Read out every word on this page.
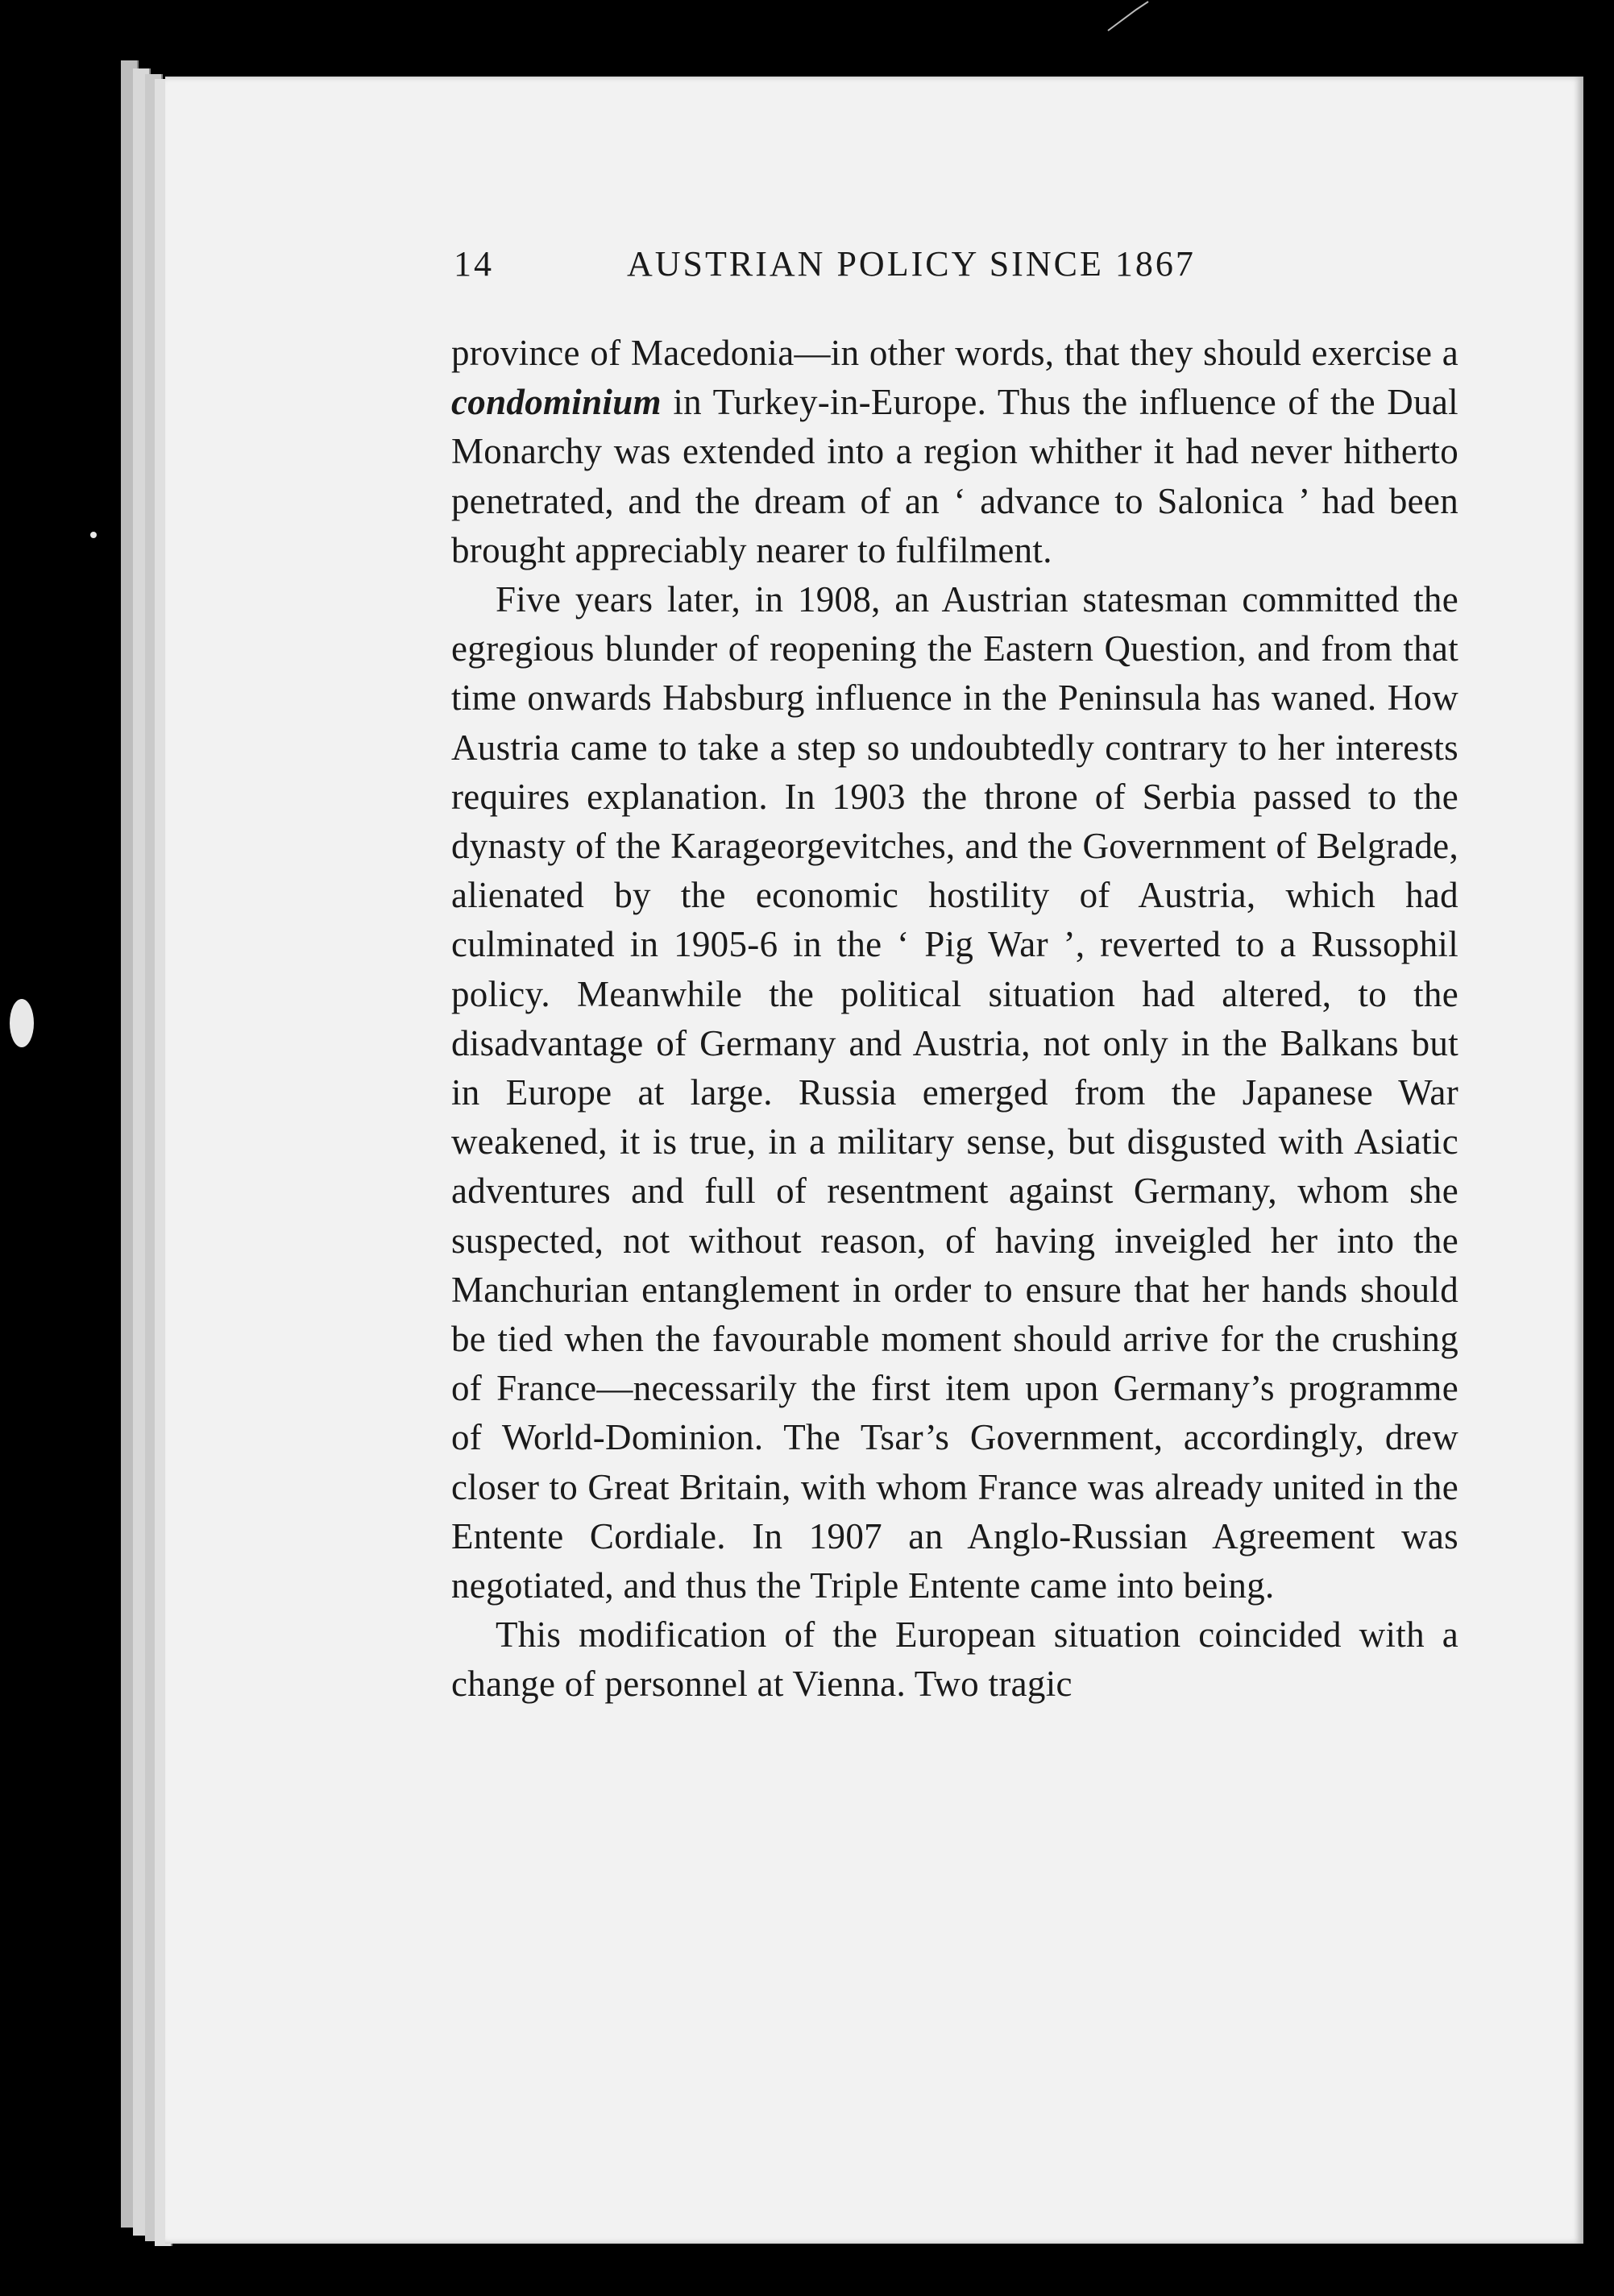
14	AUSTRIAN POLICY SINCE 1867

province of Macedonia—in other words, that they should exercise a condominium in Turkey-in-Europe. Thus the influence of the Dual Monarchy was extended into a region whither it had never hitherto penetrated, and the dream of an ‘ advance to Salonica ’ had been brought appreciably nearer to fulfilment.

Five years later, in 1908, an Austrian statesman committed the egregious blunder of reopening the Eastern Question, and from that time onwards Habsburg influence in the Peninsula has waned. How Austria came to take a step so undoubtedly contrary to her interests requires explanation. In 1903 the throne of Serbia passed to the dynasty of the Karageorgevitches, and the Government of Belgrade, alienated by the economic hostility of Austria, which had culminated in 1905-6 in the ‘ Pig War ’, reverted to a Russophil policy. Meanwhile the political situation had altered, to the disadvantage of Germany and Austria, not only in the Balkans but in Europe at large. Russia emerged from the Japanese War weakened, it is true, in a military sense, but disgusted with Asiatic adventures and full of resentment against Germany, whom she suspected, not without reason, of having inveigled her into the Manchurian entanglement in order to ensure that her hands should be tied when the favourable moment should arrive for the crushing of France—necessarily the first item upon Germany’s programme of World-Dominion. The Tsar’s Government, accordingly, drew closer to Great Britain, with whom France was already united in the Entente Cordiale. In 1907 an Anglo-Russian Agreement was negotiated, and thus the Triple Entente came into being.

This modification of the European situation coincided with a change of personnel at Vienna. Two tragic
